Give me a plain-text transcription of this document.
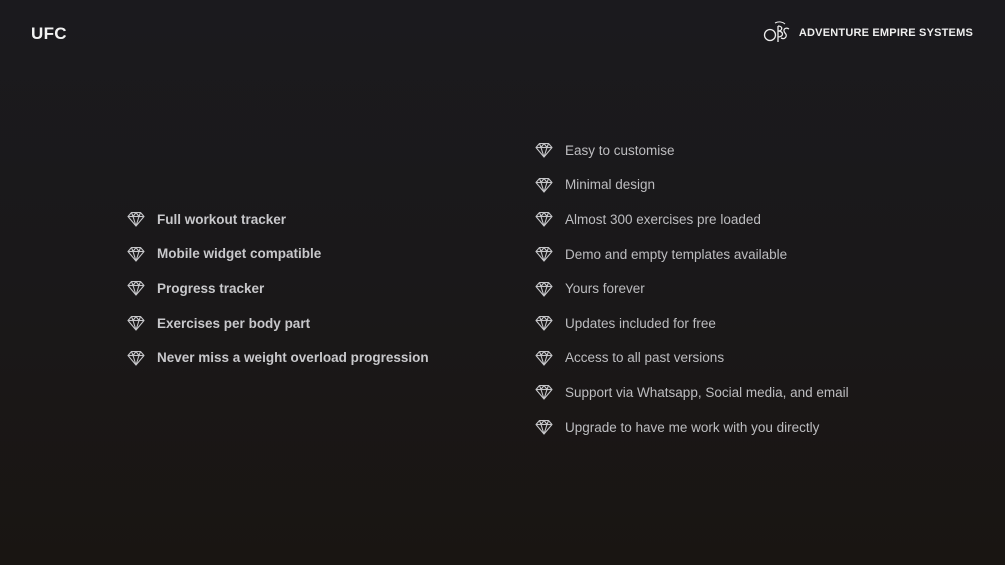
UFC	ADVENTURE EMPIRE SYSTEMS
Full workout tracker
Mobile widget compatible
Progress tracker
Exercises per body part
Never miss a weight overload progression
Easy to customise
Minimal design
Almost 300 exercises pre loaded
Demo and empty templates available
Yours forever
Updates included for free
Access to all past versions
Support via Whatsapp, Social media, and email
Upgrade to have me work with you directly
